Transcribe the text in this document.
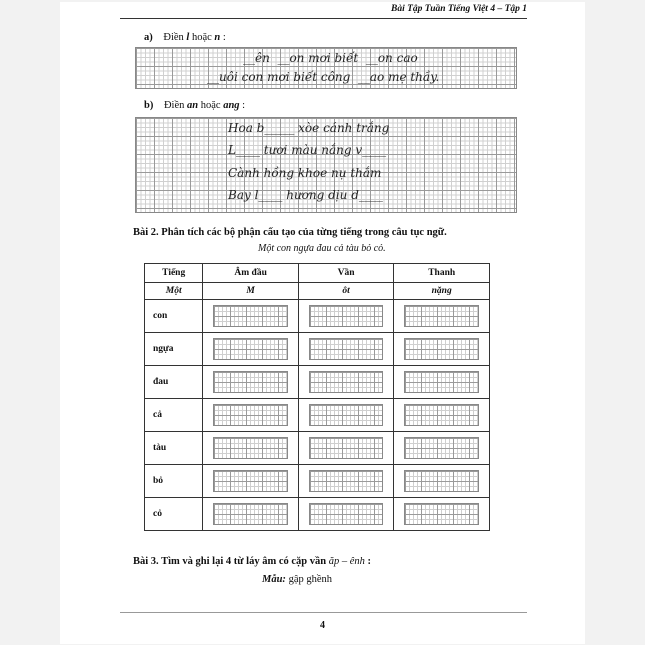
Bài Tập Tuần Tiếng Việt 4 – Tập 1
a) Điền l hoặc n :
__ên  __on mơi biết  __on cao
__uôi con mơi biết công  __ao mẹ thầy.
b) Điền an hoặc ang :
Hoa b_____ xòe cánh trắng
L____ tươi màu nắng v____
Cành hồng khoe nụ thắm
Bay l____ hương dịu d____
Bài 2. Phân tích các bộ phận cấu tạo của từng tiếng trong câu tục ngữ.
Một con ngựa đau cả tàu bỏ cỏ.
Tiếng	Âm đầu	Vần	Thanh
Một	M	ôt	nặng
con	

ngựa	

đau	

cả	

tàu	

bỏ	

cỏ	

Bài 3. Tìm và ghi lại 4 từ láy âm có cặp vần ăp – ênh :
Mẫu: gập ghềnh
4
